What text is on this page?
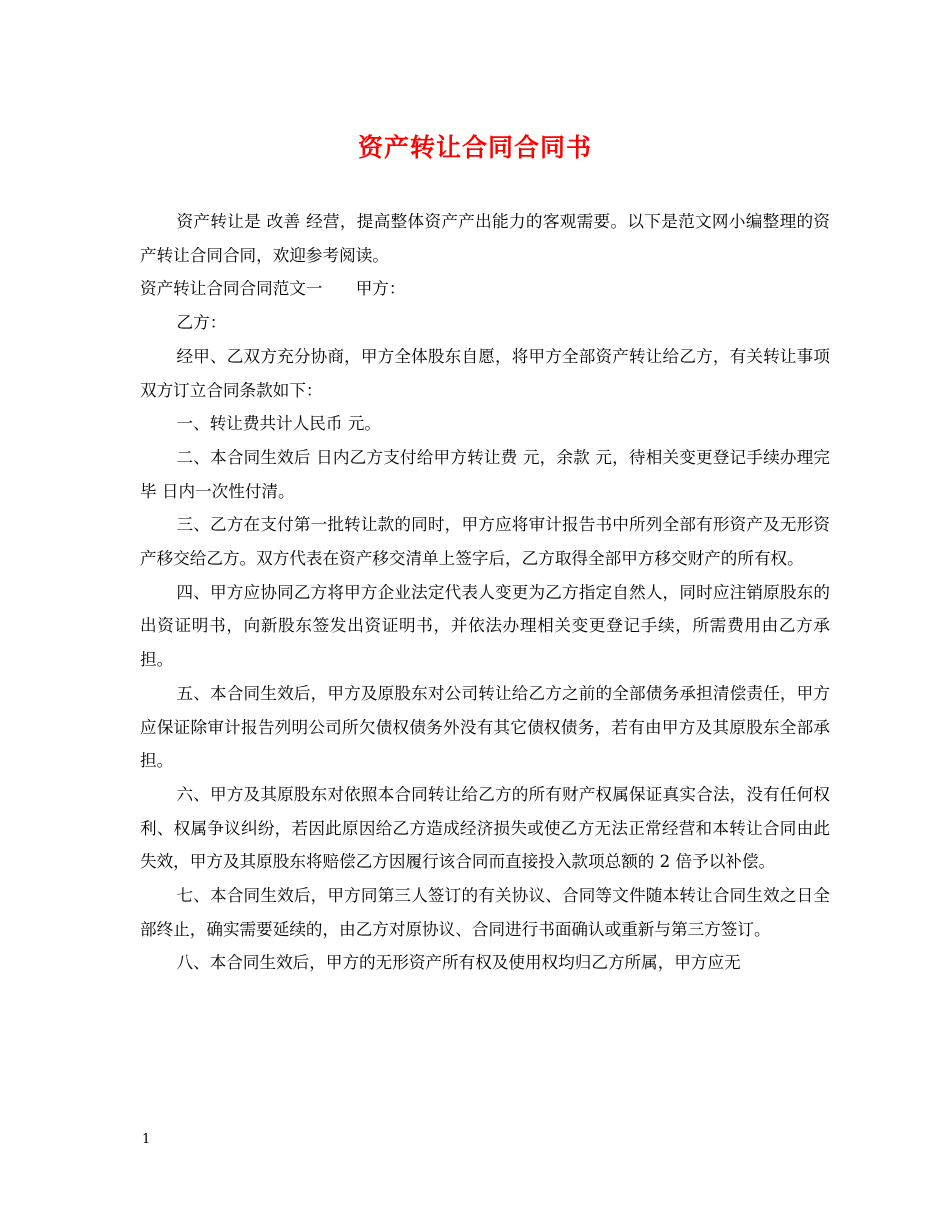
资产转让合同合同书

资产转让是 改善 经营，提高整体资产产出能力的客观需要。以下是范文网小编整理的资产转让合同合同，欢迎参考阅读。

资产转让合同合同范文一　　甲方：

乙方：

经甲、乙双方充分协商，甲方全体股东自愿，将甲方全部资产转让给乙方，有关转让事项双方订立合同条款如下：

一、转让费共计人民币 元。

二、本合同生效后 日内乙方支付给甲方转让费 元，余款 元，待相关变更登记手续办理完毕 日内一次性付清。

三、乙方在支付第一批转让款的同时，甲方应将审计报告书中所列全部有形资产及无形资产移交给乙方。双方代表在资产移交清单上签字后，乙方取得全部甲方移交财产的所有权。

四、甲方应协同乙方将甲方企业法定代表人变更为乙方指定自然人，同时应注销原股东的出资证明书，向新股东签发出资证明书，并依法办理相关变更登记手续，所需费用由乙方承担。

五、本合同生效后，甲方及原股东对公司转让给乙方之前的全部债务承担清偿责任，甲方应保证除审计报告列明公司所欠债权债务外没有其它债权债务，若有由甲方及其原股东全部承担。

六、甲方及其原股东对依照本合同转让给乙方的所有财产权属保证真实合法，没有任何权利、权属争议纠纷，若因此原因给乙方造成经济损失或使乙方无法正常经营和本转让合同由此失效，甲方及其原股东将赔偿乙方因履行该合同而直接投入款项总额的 2 倍予以补偿。

七、本合同生效后，甲方同第三人签订的有关协议、合同等文件随本转让合同生效之日全部终止，确实需要延续的，由乙方对原协议、合同进行书面确认或重新与第三方签订。

八、本合同生效后，甲方的无形资产所有权及使用权均归乙方所属，甲方应无

1
